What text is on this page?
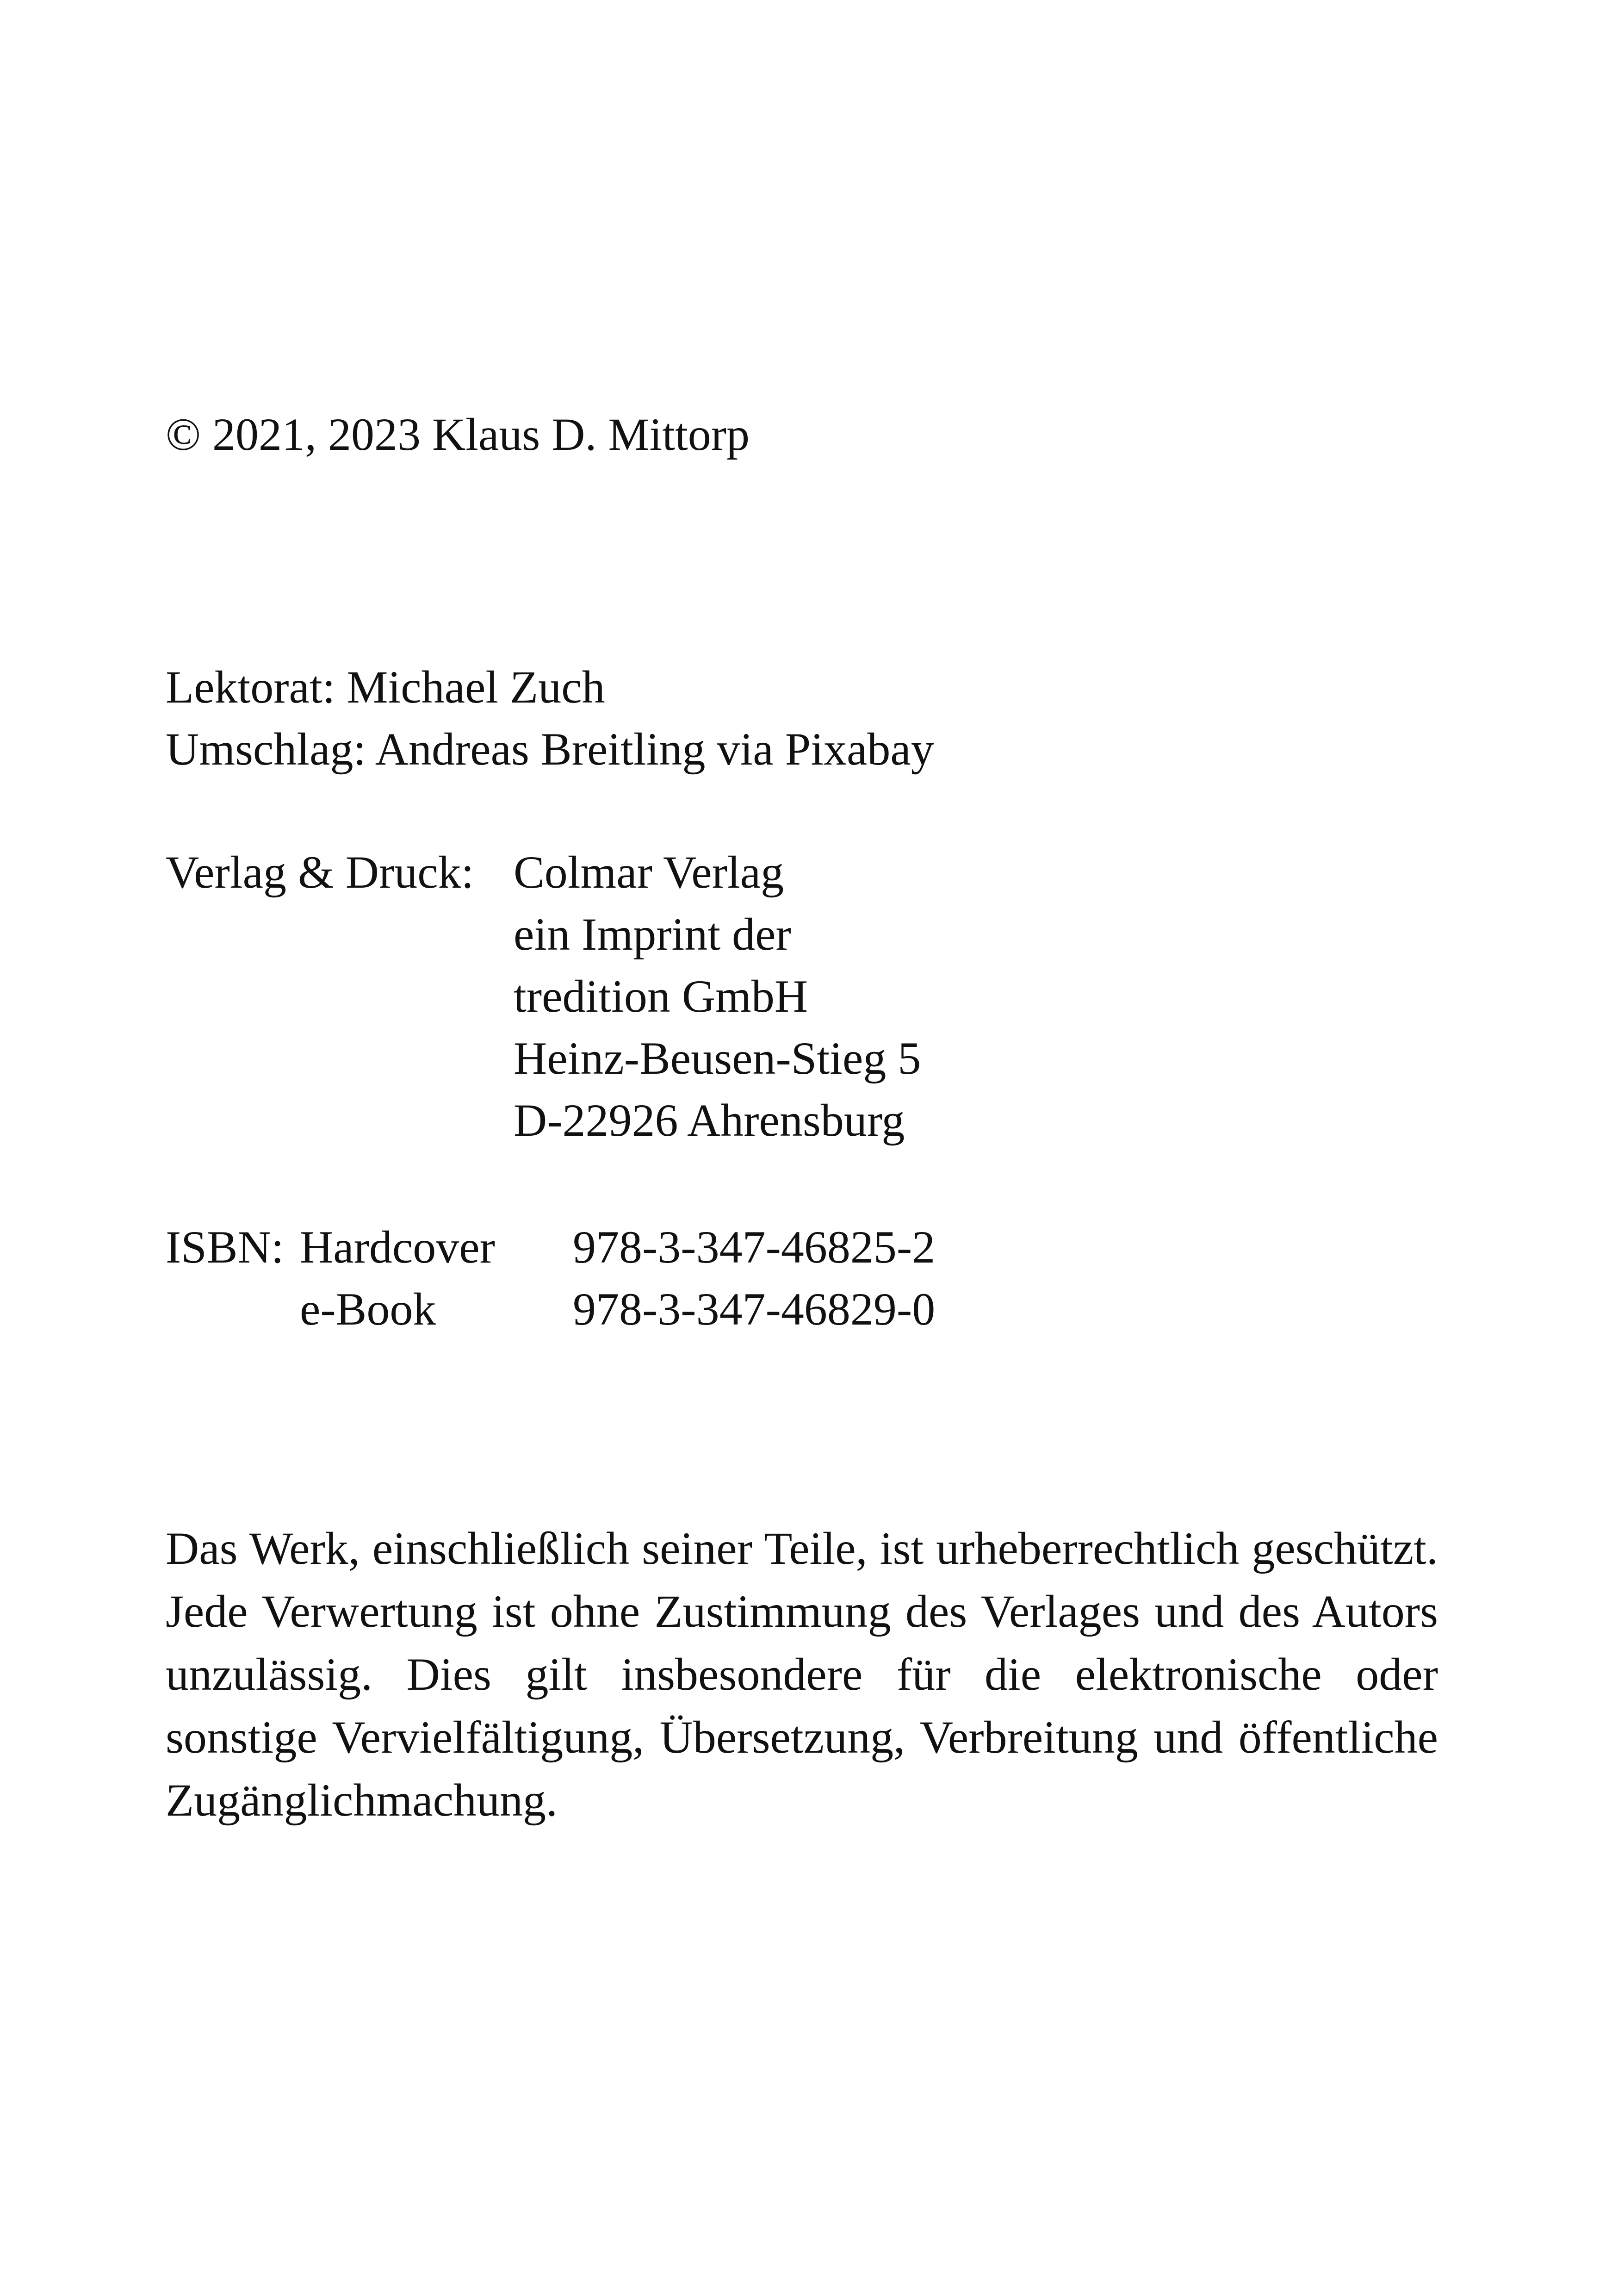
© 2021, 2023 Klaus D. Mittorp
Lektorat: Michael Zuch
Umschlag: Andreas Breitling via Pixabay
Verlag & Druck: Colmar Verlag
ein Imprint der
tredition GmbH
Heinz-Beusen-Stieg 5
D-22926 Ahrensburg
ISBN: Hardcover	978-3-347-46825-2
e-Book	978-3-347-46829-0

Das Werk, einschließlich seiner Teile, ist urheberrechtlich geschützt. Jede Verwertung ist ohne Zustimmung des Verlages und des Autors unzulässig. Dies gilt insbesondere für die elektronische oder sonstige Vervielfältigung, Übersetzung, Verbreitung und öffentliche Zugänglichmachung.
